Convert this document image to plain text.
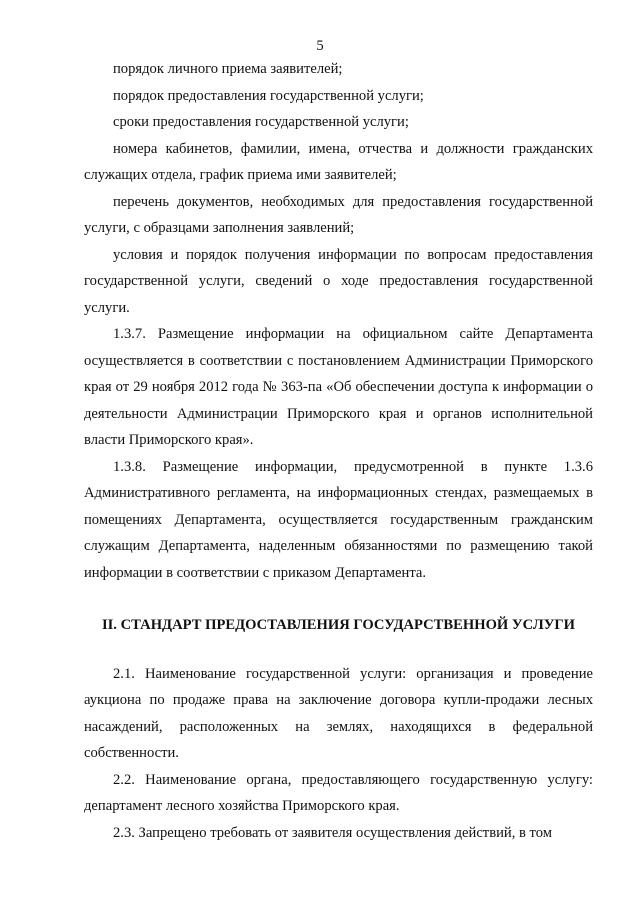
5

порядок личного приема заявителей;

порядок предоставления государственной услуги;

сроки предоставления государственной услуги;

номера кабинетов, фамилии, имена, отчества и должности гражданских служащих отдела, график приема ими заявителей;

перечень документов, необходимых для предоставления государственной услуги, с образцами заполнения заявлений;

условия и порядок получения информации по вопросам предоставления государственной услуги, сведений о ходе предоставления государственной услуги.

1.3.7. Размещение информации на официальном сайте Департамента осуществляется в соответствии с постановлением Администрации Приморского края от 29 ноября 2012 года № 363-па «Об обеспечении доступа к информации о деятельности Администрации Приморского края и органов исполнительной власти Приморского края».

1.3.8. Размещение информации, предусмотренной в пункте 1.3.6 Административного регламента, на информационных стендах, размещаемых в помещениях Департамента, осуществляется государственным гражданским служащим Департамента, наделенным обязанностями по размещению такой информации в соответствии с приказом Департамента.

II. СТАНДАРТ ПРЕДОСТАВЛЕНИЯ ГОСУДАРСТВЕННОЙ УСЛУГИ

2.1. Наименование государственной услуги: организация и проведение аукциона по продаже права на заключение договора купли-продажи лесных насаждений, расположенных на землях, находящихся в федеральной собственности.

2.2. Наименование органа, предоставляющего государственную услугу: департамент лесного хозяйства Приморского края.

2.3. Запрещено требовать от заявителя осуществления действий, в том
